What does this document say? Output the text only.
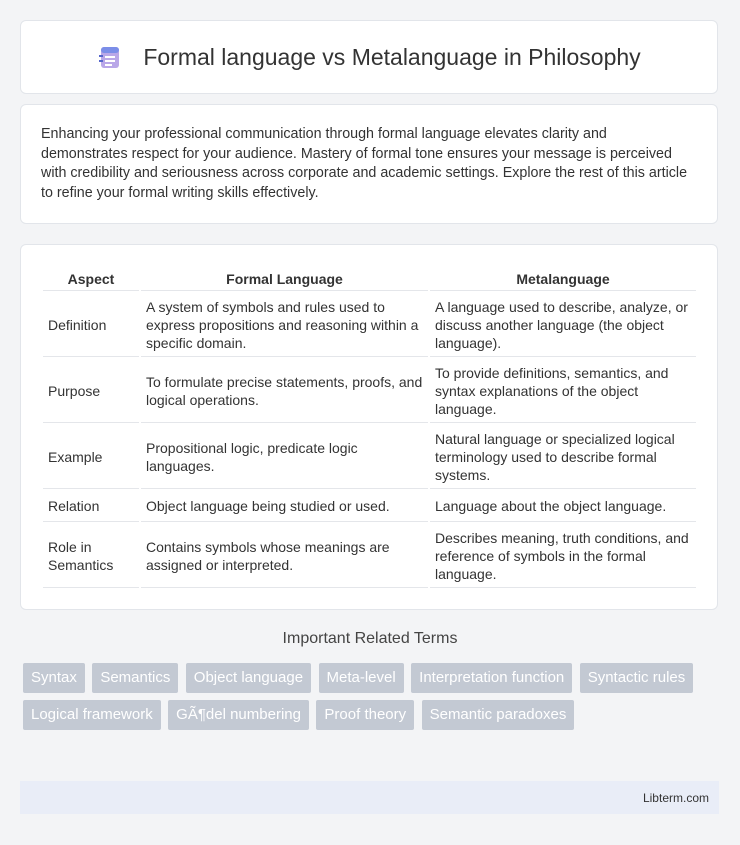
Formal language vs Metalanguage in Philosophy

Enhancing your professional communication through formal language elevates clarity and demonstrates respect for your audience. Mastery of formal tone ensures your message is perceived with credibility and seriousness across corporate and academic settings. Explore the rest of this article to refine your formal writing skills effectively.

Aspect	Formal Language	Metalanguage
Definition	A system of symbols and rules used to express propositions and reasoning within a specific domain.	A language used to describe, analyze, or discuss another language (the object language).
Purpose	To formulate precise statements, proofs, and logical operations.	To provide definitions, semantics, and syntax explanations of the object language.
Example	Propositional logic, predicate logic languages.	Natural language or specialized logical terminology used to describe formal systems.
Relation	Object language being studied or used.	Language about the object language.
Role in Semantics	Contains symbols whose meanings are assigned or interpreted.	Describes meaning, truth conditions, and reference of symbols in the formal language.
Important Related Terms
Syntax Semantics Object language Meta-level Interpretation function Syntactic rules Logical framework GÃ¶del numbering Proof theory Semantic paradoxes
Libterm.com
